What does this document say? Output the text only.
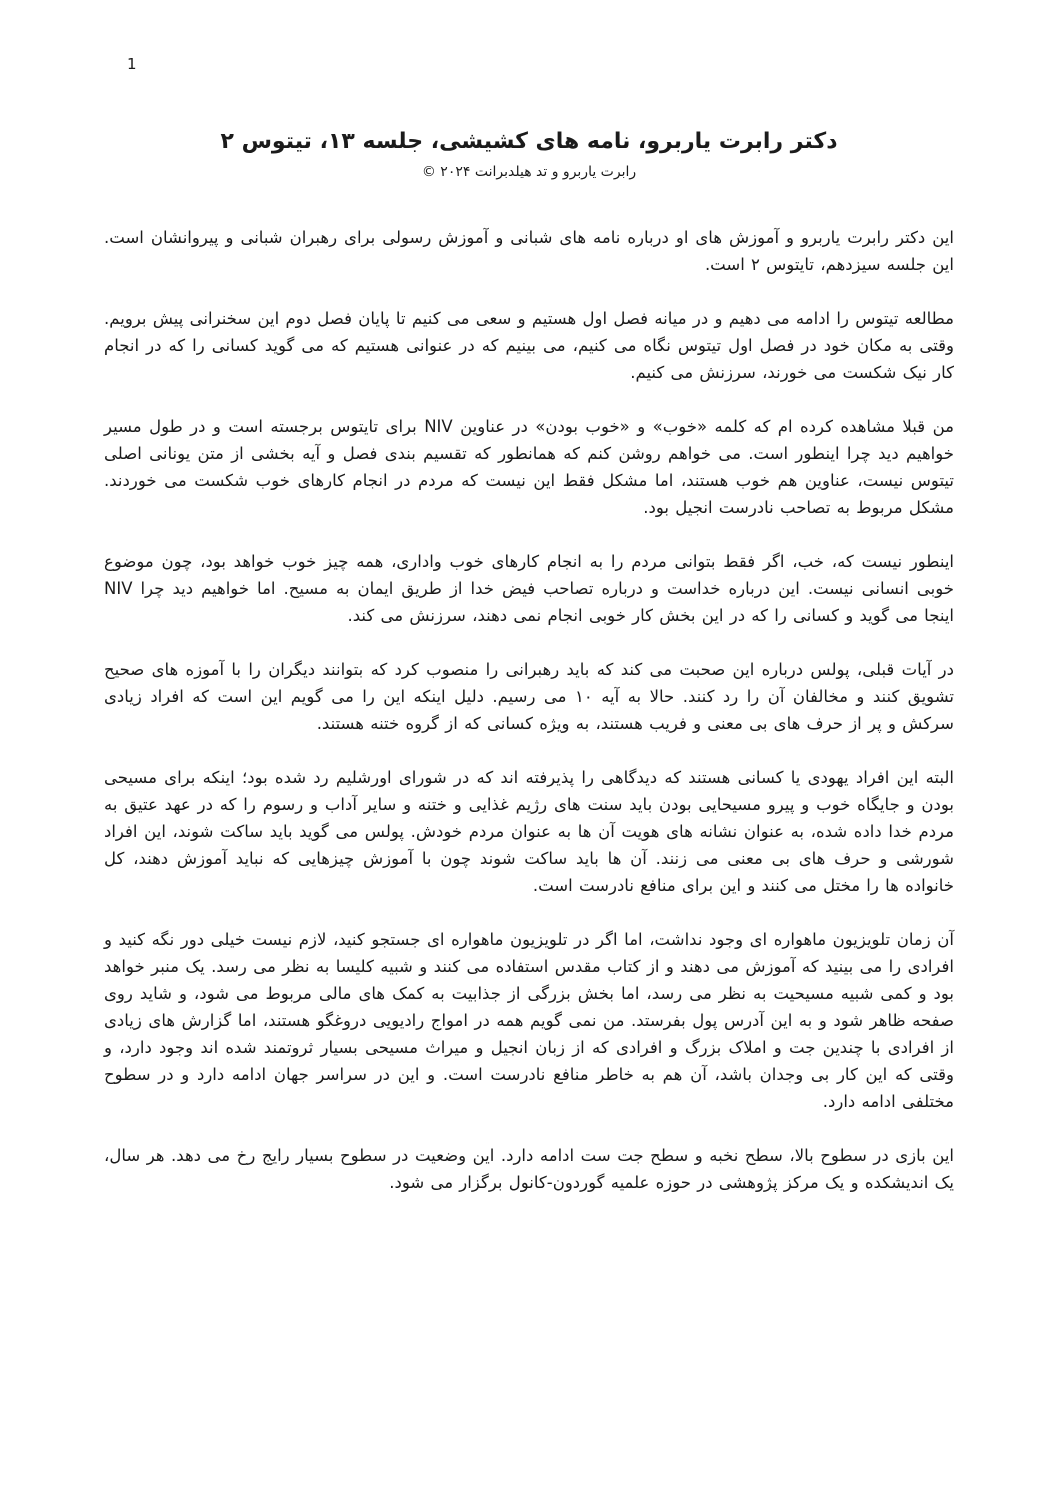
1
دکتر رابرت یاربرو، نامه های کشیشی، جلسه ۱۳، تیتوس ۲
© ۲۰۲۴ رابرت یاربرو و تد هیلدبرانت

این دکتر رابرت یاربرو و آموزش های او درباره نامه های شبانی و آموزش رسولی برای رهبران شبانی و پیروانشان است. این جلسه سیزدهم، تایتوس ۲ است.

مطالعه تیتوس را ادامه می دهیم و در میانه فصل اول هستیم و سعی می کنیم تا پایان فصل دوم این سخنرانی پیش برویم. وقتی به مکان خود در فصل اول تیتوس نگاه می کنیم، می بینیم که در عنوانی هستیم که می گوید کسانی را که در انجام کار نیک شکست می خورند، سرزنش می کنیم.

من قبلا مشاهده کرده ام که کلمه «خوب» و «خوب بودن» در عناوین NIV برای تایتوس برجسته است و در طول مسیر خواهیم دید چرا اینطور است. می خواهم روشن کنم که همانطور که تقسیم بندی فصل و آیه بخشی از متن یونانی اصلی تیتوس نیست، عناوین هم خوب هستند، اما مشکل فقط این نیست که مردم در انجام کارهای خوب شکست می خوردند. مشکل مربوط به تصاحب نادرست انجیل بود.

اینطور نیست که، خب، اگر فقط بتوانی مردم را به انجام کارهای خوب واداری، همه چیز خوب خواهد بود، چون موضوع خوبی انسانی نیست. این درباره خداست و درباره تصاحب فیض خدا از طریق ایمان به مسیح. اما خواهیم دید چرا NIV اینجا می گوید و کسانی را که در این بخش کار خوبی انجام نمی دهند، سرزنش می کند.

در آیات قبلی، پولس درباره این صحبت می کند که باید رهبرانی را منصوب کرد که بتوانند دیگران را با آموزه های صحیح تشویق کنند و مخالفان آن را رد کنند. حالا به آیه ۱۰ می رسیم. دلیل اینکه این را می گویم این است که افراد زیادی سرکش و پر از حرف های بی معنی و فریب هستند، به ویژه کسانی که از گروه ختنه هستند.

البته این افراد یهودی یا کسانی هستند که دیدگاهی را پذیرفته اند که در شورای اورشلیم رد شده بود؛ اینکه برای مسیحی بودن و جایگاه خوب و پیرو مسیحایی بودن باید سنت های رژیم غذایی و ختنه و سایر آداب و رسوم را که در عهد عتیق به مردم خدا داده شده، به عنوان نشانه های هویت آن ها به عنوان مردم خودش. پولس می گوید باید ساکت شوند، این افراد شورشی و حرف های بی معنی می زنند. آن ها باید ساکت شوند چون با آموزش چیزهایی که نباید آموزش دهند، کل خانواده ها را مختل می کنند و این برای منافع نادرست است.

آن زمان تلویزیون ماهواره ای وجود نداشت، اما اگر در تلویزیون ماهواره ای جستجو کنید، لازم نیست خیلی دور نگه کنید و افرادی را می بینید که آموزش می دهند و از کتاب مقدس استفاده می کنند و شبیه کلیسا به نظر می رسد. یک منبر خواهد بود و کمی شبیه مسیحیت به نظر می رسد، اما بخش بزرگی از جذابیت به کمک های مالی مربوط می شود، و شاید روی صفحه ظاهر شود و به این آدرس پول بفرستد. من نمی گویم همه در امواج رادیویی دروغگو هستند، اما گزارش های زیادی از افرادی با چندین جت و املاک بزرگ و افرادی که از زبان انجیل و میراث مسیحی بسیار ثروتمند شده اند وجود دارد، و وقتی که این کار بی وجدان باشد، آن هم به خاطر منافع نادرست است. و این در سراسر جهان ادامه دارد و در سطوح مختلفی ادامه دارد.

این بازی در سطوح بالا، سطح نخبه و سطح جت ست ادامه دارد. این وضعیت در سطوح بسیار رایج رخ می دهد. هر سال، یک اندیشکده و یک مرکز پژوهشی در حوزه علمیه گوردون-کانول برگزار می شود.
